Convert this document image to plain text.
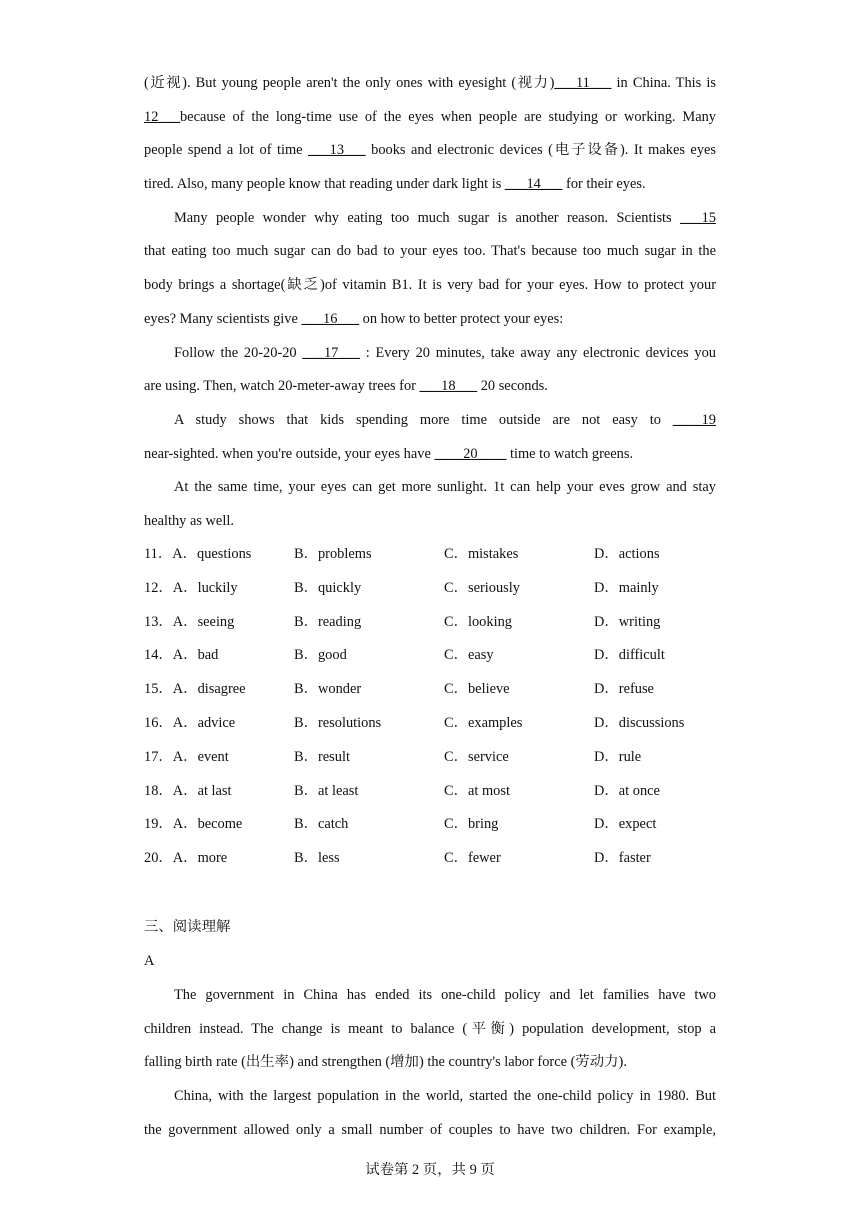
(近视). But young people aren't the only ones with eyesight (视力)___11___ in China. This is
12___because of the long-time use of the eyes when people are studying or working. Many
people spend a lot of time ___13___ books and electronic devices (电子设备). It makes eyes
tired. Also, many people know that reading under dark light is ___14___ for their eyes.
Many people wonder why eating too much sugar is another reason. Scientists ___15
that eating too much sugar can do bad to your eyes too. That's because too much sugar in the
body brings a shortage(缺乏)of vitamin B1. It is very bad for your eyes. How to protect your
eyes? Many scientists give ___16___ on how to better protect your eyes:
Follow the 20-20-20 ___17___ : Every 20 minutes, take away any electronic devices you
are using. Then, watch 20-meter-away trees for ___18___ 20 seconds.
A study shows that kids spending more time outside are not easy to ____19
near-sighted. when you're outside, your eyes have ____20____ time to watch greens.
At the same time, your eyes can get more sunlight. 1t can help your eves grow and stay
healthy as well.
11．A．questions	B．problems	C．mistakes	D．actions
12．A．luckily	B．quickly	C．seriously	D．mainly
13．A．seeing	B．reading	C．looking	D．writing
14．A．bad	B．good	C．easy	D．difficult
15．A．disagree	B．wonder	C．believe	D．refuse
16．A．advice	B．resolutions	C．examples	D．discussions
17．A．event	B．result	C．service	D．rule
18．A．at last	B．at least	C．at most	D．at once
19．A．become	B．catch	C．bring	D．expect
20．A．more	B．less	C．fewer	D．faster
三、阅读理解
A
The government in China has ended its one-child policy and let families have two
children instead. The change is meant to balance (平衡) population development, stop a
falling birth rate (出生率) and strengthen (增加) the country's labor force (劳动力).
China, with the largest population in the world, started the one-child policy in 1980. But
the government allowed only a small number of couples to have two children. For example,
试卷第 2 页，共 9 页
